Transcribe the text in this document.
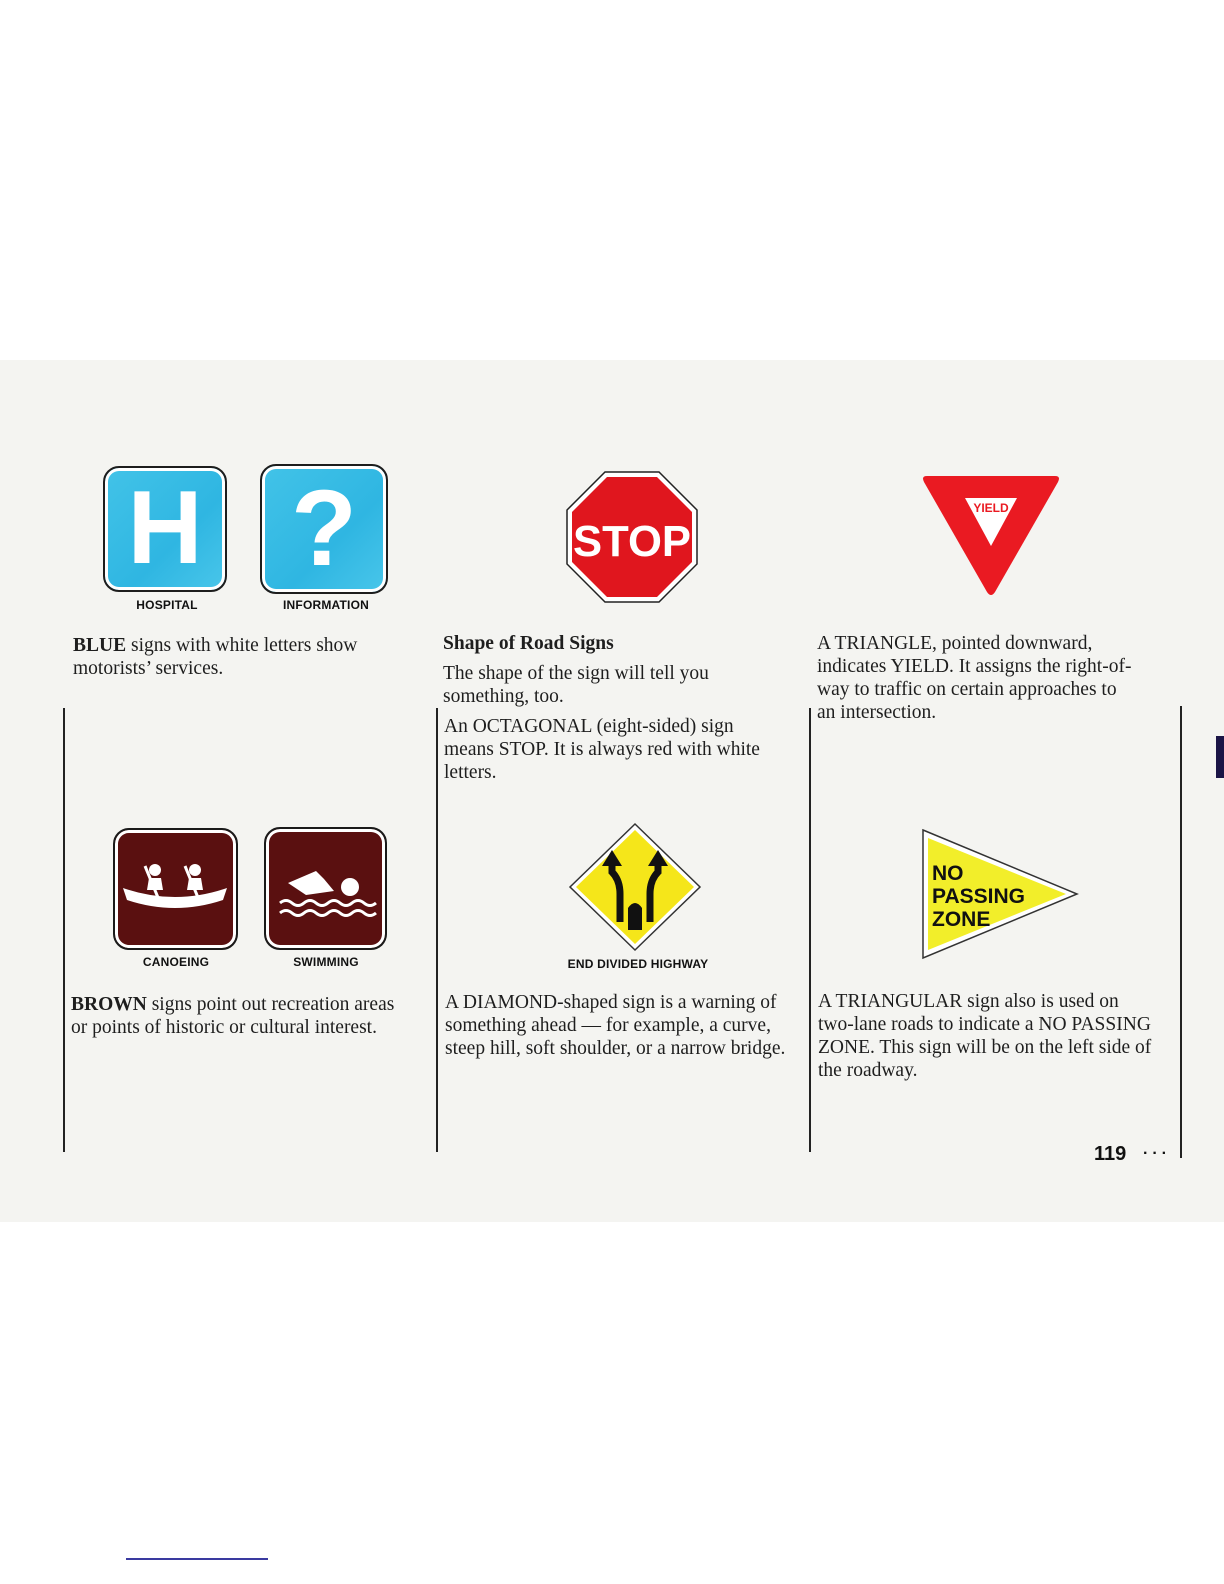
H ?
HOSPITAL	INFORMATION
BLUE signs with white letters show motorists’ services.
CANOEING	SWIMMING
BROWN signs point out recreation areas or points of historic or cultural interest.
STOP
Shape of Road Signs
The shape of the sign will tell you something, too.
An OCTAGONAL (eight-sided) sign means STOP. It is always red with white letters.
END DIVIDED HIGHWAY
A DIAMOND-shaped sign is a warning of something ahead — for example, a curve, steep hill, soft shoulder, or a narrow bridge.
YIELD
A TRIANGLE, pointed downward, indicates YIELD. It assigns the right-of-way to traffic on certain approaches to an intersection.
NO
PASSING
ZONE
A TRIANGULAR sign also is used on two-lane roads to indicate a NO PASSING ZONE. This sign will be on the left side of the roadway.
119 ···
